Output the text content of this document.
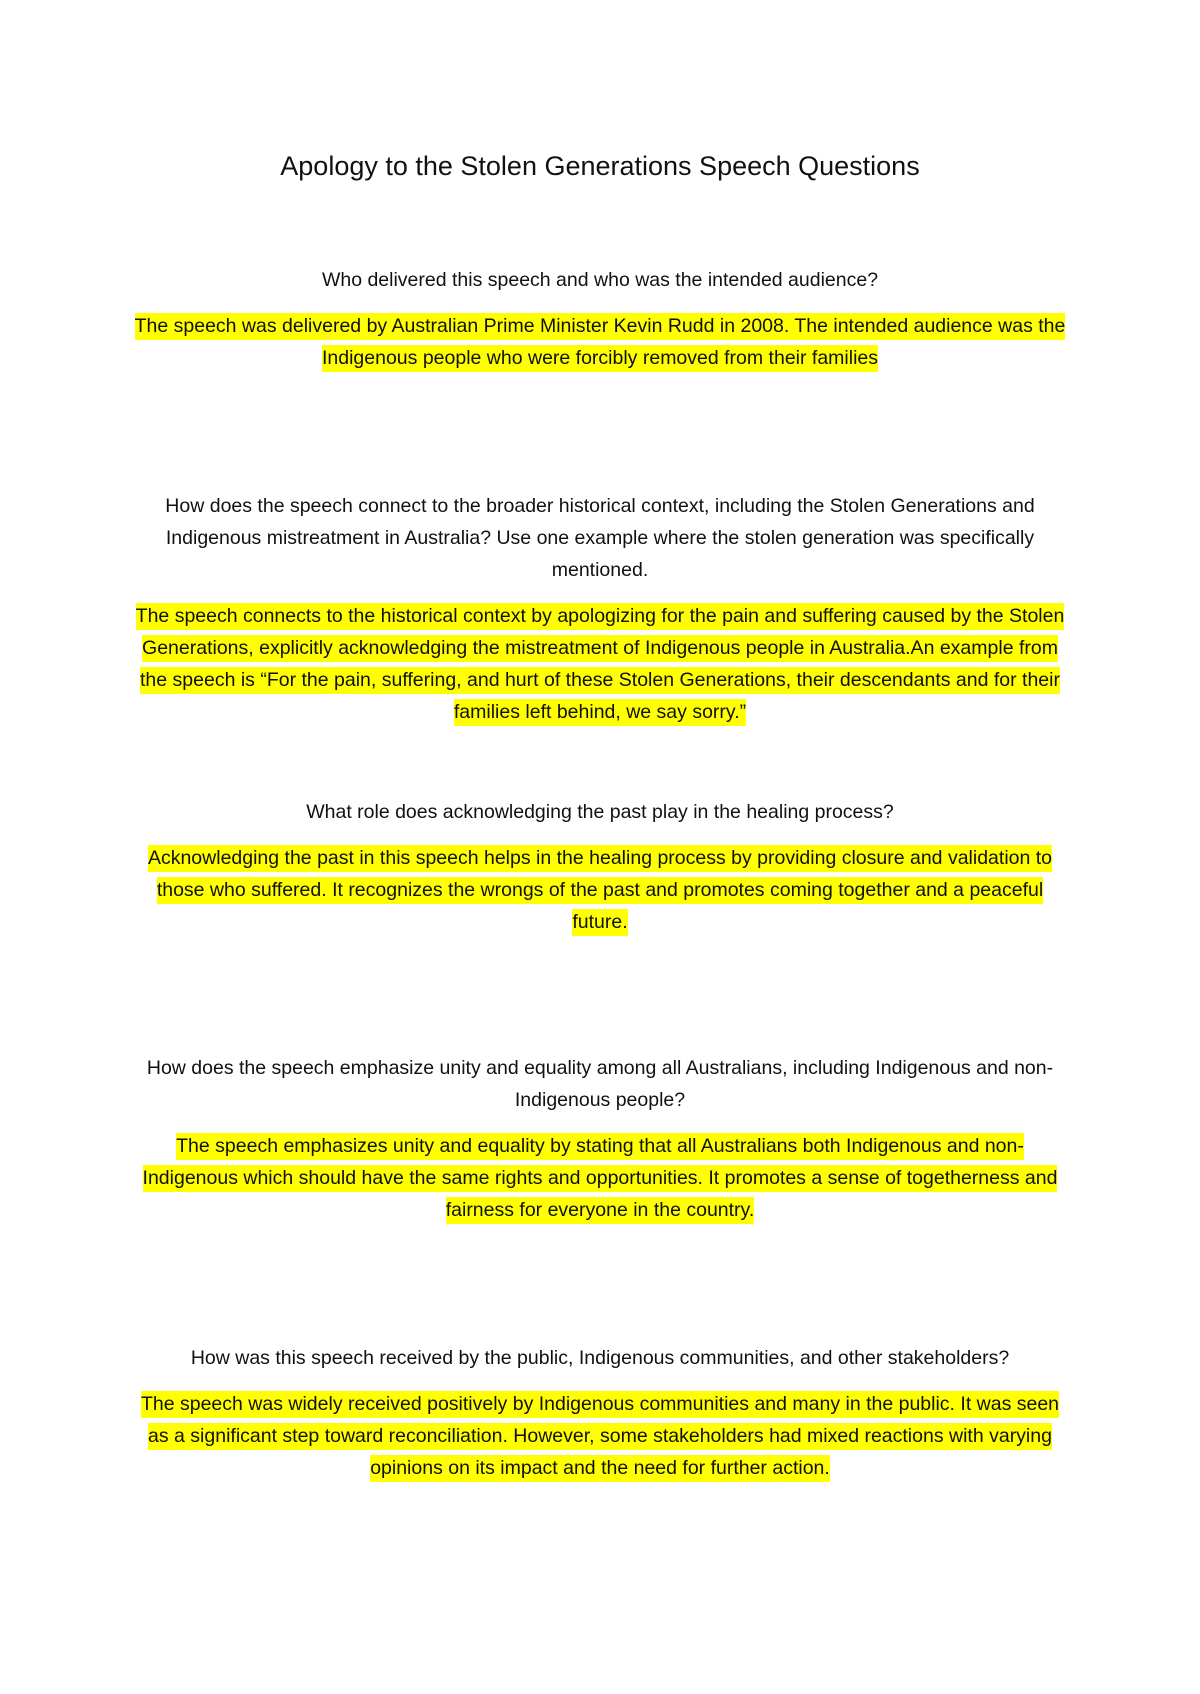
Apology to the Stolen Generations Speech Questions

Who delivered this speech and who was the intended audience?

The speech was delivered by Australian Prime Minister Kevin Rudd in 2008. The intended audience was the Indigenous people who were forcibly removed from their families

How does the speech connect to the broader historical context, including the Stolen Generations and Indigenous mistreatment in Australia? Use one example where the stolen generation was specifically mentioned.

The speech connects to the historical context by apologizing for the pain and suffering caused by the Stolen Generations, explicitly acknowledging the mistreatment of Indigenous people in Australia.An example from the speech is “For the pain, suffering, and hurt of these Stolen Generations, their descendants and for their families left behind, we say sorry.”

What role does acknowledging the past play in the healing process?

Acknowledging the past in this speech helps in the healing process by providing closure and validation to those who suffered. It recognizes the wrongs of the past and promotes coming together and a peaceful future.

How does the speech emphasize unity and equality among all Australians, including Indigenous and non-Indigenous people?

The speech emphasizes unity and equality by stating that all Australians both Indigenous and non-Indigenous which should have the same rights and opportunities. It promotes a sense of togetherness and fairness for everyone in the country.

How was this speech received by the public, Indigenous communities, and other stakeholders?

The speech was widely received positively by Indigenous communities and many in the public. It was seen as a significant step toward reconciliation. However, some stakeholders had mixed reactions with varying opinions on its impact and the need for further action.
